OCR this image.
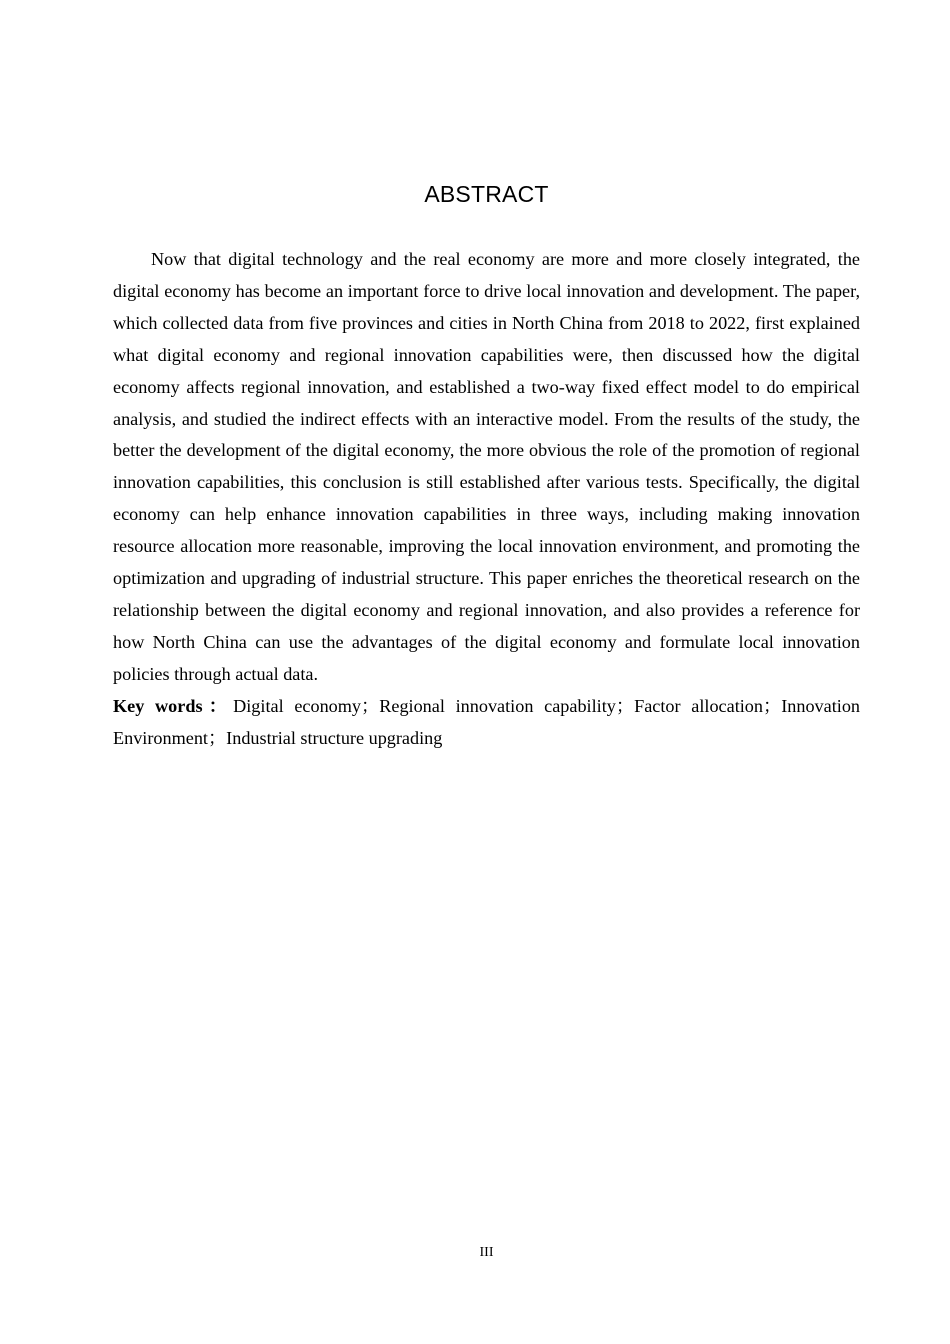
ABSTRACT

Now that digital technology and the real economy are more and more closely integrated, the digital economy has become an important force to drive local innovation and development. The paper, which collected data from five provinces and cities in North China from 2018 to 2022, first explained what digital economy and regional innovation capabilities were, then discussed how the digital economy affects regional innovation, and established a two-way fixed effect model to do empirical analysis, and studied the indirect effects with an interactive model. From the results of the study, the better the development of the digital economy, the more obvious the role of the promotion of regional innovation capabilities, this conclusion is still established after various tests. Specifically, the digital economy can help enhance innovation capabilities in three ways, including making innovation resource allocation more reasonable, improving the local innovation environment, and promoting the optimization and upgrading of industrial structure. This paper enriches the theoretical research on the relationship between the digital economy and regional innovation, and also provides a reference for how North China can use the advantages of the digital economy and formulate local innovation policies through actual data.

Key words：Digital economy；Regional innovation capability；Factor allocation；Innovation Environment；Industrial structure upgrading

III
